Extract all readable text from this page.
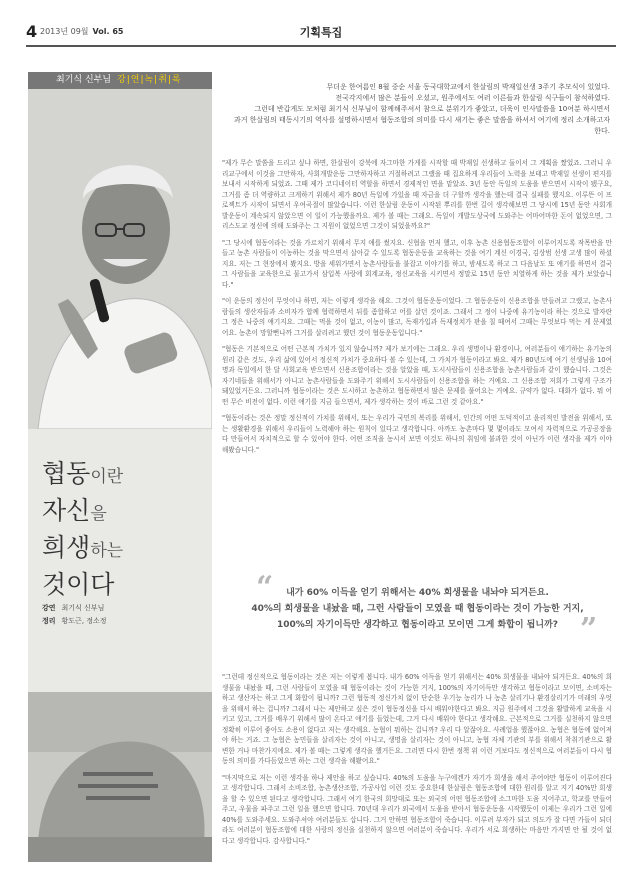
4 2013년 09월 Vol. 65	기획특집
최기식 신부님 강|연|녹|취|록
협동이란
자신을
희생하는
것이다
강연 최기식 신부님
정리 황도근, 정소정

무더운 한여름인 8월 중순 서울 동국대학교에서 한살림의 박재일선생 3주기 추모식이 있었다.

전국각지에서 많은 분들이 오셨고, 원주에서도 여러 이른들과 한살림 식구들이 참석하였다.

그런데 반갑게도 모처럼 최기식 신부님이 함께해주셔서 참으로 분위기가 좋았고, 더욱이 인사말씀을 10여분 하시면서

과거 한살림의 태동시기의 역사를 설명하시면서 협동조합의 의미를 다시 새기는 좋은 말씀을 하셔서 여기에 정리 소개하고자한다.

"제가 무슨 말씀을 드리고 싶냐 하면, 한살림이 강북에 자그마한 가게를 시작할 때 박재일 선생하고 둘이서 그 계획을 짰었죠. 그러니 우리교구에서 이것을 그만하자, 사회개발운동 그만하자하고 거절하려고 그랬을 때 집요하게 우리들이 노력을 보태고 박재일 선생이 편지를 보내서 시작하게 되었죠. 그때 제가 코디네이터 역할을 하면서 경제적인 면을 맡았죠. 3년 동안 독일의 도움을 받으면서 시작이 됐구요, 그거를 좀 더 역량하고 크게하기 위해서 제가 80년 독일에 가있을 때 자금을 더 구할까 생각을 했는데 결국 실패를 했지요. 이루뜬 이 프로젝트가 시작이 되면서 우여곡절이 많았습니다. 이런 한살림 운동이 시작된 뿌리를 한번 길이 생각해보면 그 당시에 15년 동안 사회개발운동이 계속되지 않았으면 이 일이 가능했을까요. 제가 볼 때는 그래요. 독일이 개발도상국에 도와주는 어마어마한 돈이 없었으면, 그리스도교 정신에 의해 도와주는 그 지원이 없었으면 그것이 되었을까요?"

"그 당시에 협동이라는 것을 가르치기 위해서 무지 애를 썼지요. 신협을 먼저 했고, 이후 농촌 신용협동조합이 이루어지도록 작목반을 만들고 농촌 사람들이 이농하는 것을 막으면서 살아갈 수 있도록 협동운동을 교육하는 것을 여기 계신 이경국, 김상범 선생 고생 많이 하셨지요. 저는 그 현장에서 봤지요. 방을 세워가면서 농촌사람들을 불잡고 이야기를 하고, 밤새도록 하고 그 다음날도 또 얘기를 하면서 결국 그 사람들을 교육한으로 물고가서 삼입복 사랑에 회계교육, 정신교육을 시키면서 정말로 15년 동안 치열하게 하는 것을 제가 보았습니다."

"이 운동의 정신이 무엇이나 하면, 저는 이렇게 생각을 해요. 그것이 협동운동이었다. 그 협동운동이 신용조합을 만들려고 그랬고, 농촌사람들의 생산자들과 소비자가 합께 협력하면서 뒤를 좀합하고 어를 살던 것이죠. 그래서 그 정이 나중에 유기농이라 하는 것으로 발자란 그 정은 나중의 얘기지요. 그때는 먹을 것이 없고, 이농이 많고, 독재가입과 독재정치가 판을 칠 때여서 그때는 무엇보다 먹는 게 문제였어요. 농촌이 망할뻔나까 그거를 살리려고 했던 것이 협동운동입니다."

"협동은 기본적으로 어떤 근본적 가치가 있지 않습니까? 제가 보기에는 그래요. 우리 생명이나 환경이나, 여러분들이 얘기하는 유기농의 원리 같은 것도, 우리 삶에 있어서 정신적 가치가 중요하다 볼 수 있는데, 그 가치가 협동이라고 봐요. 제가 80년도에 여기 선생님을 10여명과 독일에서 한 달 사회교육 받으면서 신용조합이라는 것을 알았을 때, 도시사람들이 신용조합을 농촌사람들과 같이 했습니다. 그것은 자기네들을 위해서가 아니고 농촌사람들을 도와주기 위해서 도시사람들이 신용조합을 하는 거예요. 그 신용조합 저희가 그렇게 구조가 돼있었거든요. 그러니까 협동이라는 것은 도시하고 농촌하고 협동하면서 많은 문제를 풀어요는 거예요. 규약가 없다. 대화가 없다. 뭐 어떤 무슨 비전이 없다. 이런 얘기를 지금 들으면서, 제가 생각하는 것이 바로 그런 것 같아요."

"협동이라는 것은 정말 정신적이 가치를 위해서, 또는 우리가 국민의 복리를 위해서, 인간의 어떤 도덕적이고 윤리적인 발전을 위해서, 또는 생활환경을 위해서 우리들이 노력해야 하는 원칙이 있다고 생각합니다. 아까도 농촌마다 몇 몇이라도 모여서 자력적으로 가공공장을 다 만들어서 자치적으로 할 수 있어야 한다. 어떤 조직을 농시서 보면 이것도 하나의 취임에 불과한 것이 아닌가 이런 생각을 제가 이야 해봤습니다."

“
”
내가 60% 이득을 얻기 위해서는 40% 희생물을 내놔야 되거든요.
40%의 희생물을 내놨을 때, 그런 사람들이 모였을 때 협동이라는 것이 가능한 거지,
100%의 자기이득만 생각하고 협동이라고 모이면 그게 화합이 됩니까?

"그런데 정신적으로 협동이라는 것은 저는 이렇게 봅니다. 내가 60% 이득을 얻기 위해서는 40% 희생물을 내놔야 되거든요. 40%의 희생물을 내놨을 때, 그런 사람들이 모였을 때 협동이라는 것이 가능한 거지, 100%의 자기이득만 생각하고 협동이라고 모이면, 소비자는 하고 생산자는 하고 그게 화합이 됩니까? 그런 협동적 정신가치 없이 단순한 우기능 농리가 나 농촌 살리기나 환경살리기가 미래의 우엇을 위해서 하는 겁니까? 그래서 나는 제안하고 싶은 것이 협동정신을 다시 배워야한다고 봐요. 지금 원주에서 그것을 활발하게 교육을 시키고 있고, 그거를 배우기 위해서 많이 온다고 얘기를 들었는데, 그거 다시 배워야 한다고 생각해요. 근본적으로 그거를 실천하지 않으면 정확히 이루어 좋아도 소용이 없다고 저는 생각해요. 농협이 뭐하는 겁니까? 우리 다 알잖아요. 사례업을 했잖아요. 농협은 협동에 없어져야 하는 거죠. 그 농협은 농민들을 살리자는 것이 아니고, 생명을 살리자는 것이 아니고, 농협 자체 기관의 부를 위해서 착취기관으로 활변한 거나 마찬가지에요. 제가 볼 때는 그렇게 생각을 했거든요. 그러면 다시 한번 정책 위 이런 거보다도 정신적으로 여러분들이 다시 협동의 의미를 가다듬었으면 하는 그런 생각을 해봤어요."

"마지막으로 저는 이런 생각을 하나 제안을 하고 싶습니다. 40%의 도움을 누구에겐가 자기가 희생을 해서 주어야만 협동이 이루어진다고 생각합니다. 그래서 소비조합, 농촌생산조합, 가공사업 이런 것도 중요한데 한살림은 협동조합에 대한 원리를 알고 지기 40%만 희생을 할 수 있으면 된다고 생각합니다. 그래서 여기 한국의 희망대로 또는 외국의 어떤 협동조합에 소그마한 도움 지어주고, 학교를 만들어주고, 우물을 파주고 그런 일을 했으면 합니다. 70년대 우리가 외국에서 도움을 받아서 협동운동을 시작했듯이 이제는 우리가 그런 일에 40%를 도와주세요. 도와주셔야 여러분들도 삽니다. 그거 안하면 협동조합이 죽습니다. 이루려 부자가 되고 의도가 잘 다면 가들이 되더라도 여러분이 협동조합에 대한 사랑의 정신을 실천하지 않으면 여러분이 죽습니다. 우리가 서로 희생하는 마음만 가지면 안 될 것이 없다고 생각합니다. 감사합니다."
